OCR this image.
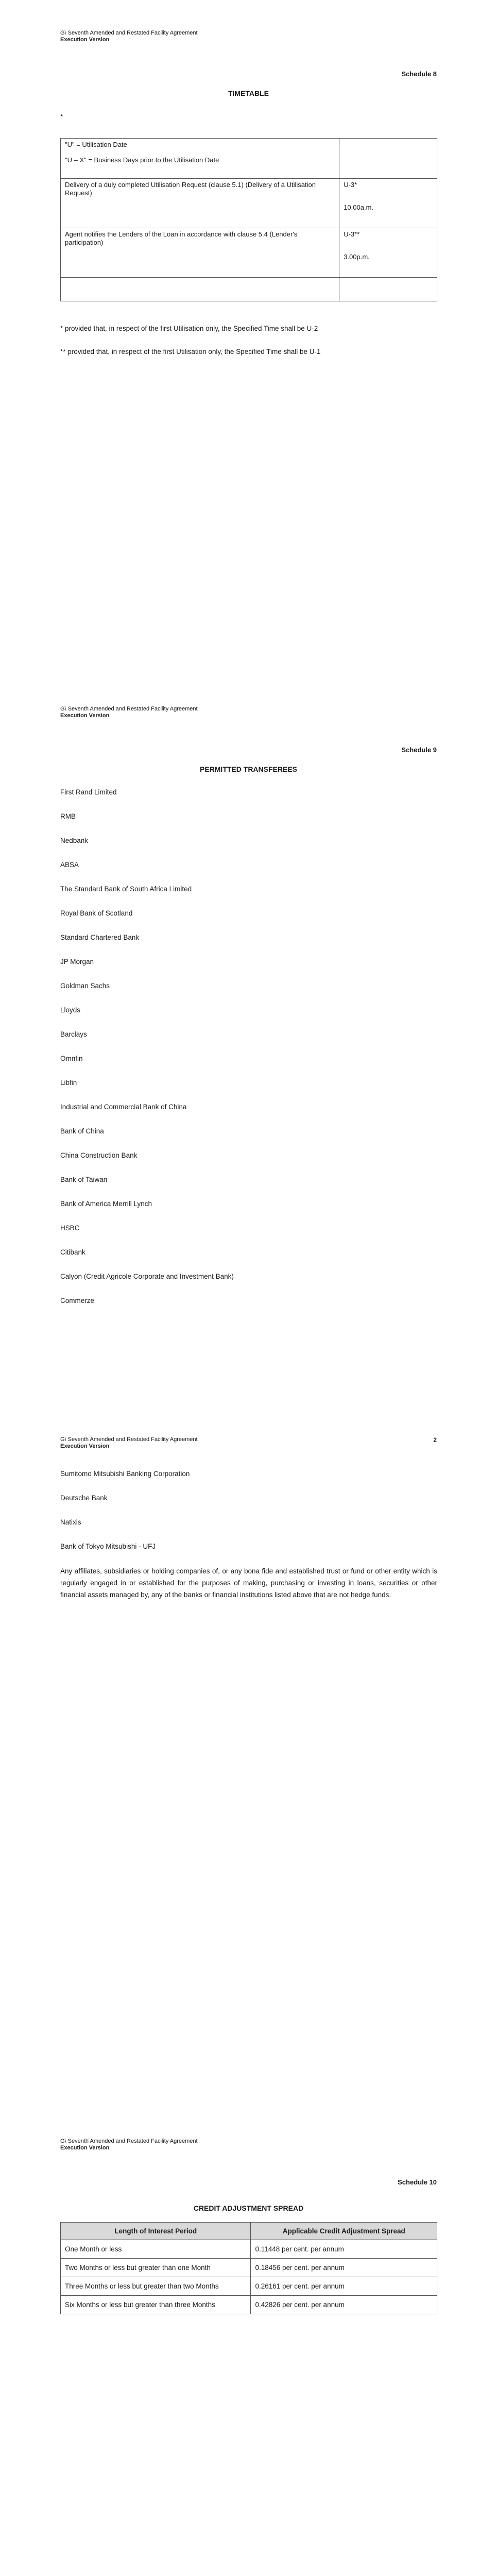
G\ Seventh Amended and Restated Facility Agreement
Execution Version
Schedule 8
TIMETABLE
*
"U" = Utilisation Date
"U – X" = Business Days prior to the Utilisation Date	

Delivery of a duly completed Utilisation Request (clause 5.1) (Delivery of a Utilisation Request)	U-3*
10.00a.m.

Agent notifies the Lenders of the Loan in accordance with clause 5.4 (Lender's participation)	U-3**
3.00p.m.

* provided that, in respect of the first Utilisation only, the Specified Time shall be U-2

** provided that, in respect of the first Utilisation only, the Specified Time shall be U-1

G\ Seventh Amended and Restated Facility Agreement
Execution Version
Schedule 9
PERMITTED TRANSFEREES

First Rand Limited

RMB

Nedbank

ABSA

The Standard Bank of South Africa Limited

Royal Bank of Scotland

Standard Chartered Bank

JP Morgan

Goldman Sachs

Lloyds

Barclays

Omnfin

Libfin

Industrial and Commercial Bank of China

Bank of China

China Construction Bank

Bank of Taiwan

Bank of America Merrill Lynch

HSBC

Citibank

Calyon (Credit Agricole Corporate and Investment Bank)

Commerze

G\ Seventh Amended and Restated Facility Agreement
Execution Version
2

Sumitomo Mitsubishi Banking Corporation

Deutsche Bank

Natixis

Bank of Tokyo Mitsubishi - UFJ

Any affiliates, subsidiaries or holding companies of, or any bona fide and established trust or fund or other entity which is regularly engaged in or established for the purposes of making, purchasing or investing in loans, securities or other financial assets managed by, any of the banks or financial institutions listed above that are not hedge funds.

G\ Seventh Amended and Restated Facility Agreement
Execution Version
Schedule 10
CREDIT ADJUSTMENT SPREAD
Length of Interest Period	Applicable Credit Adjustment Spread
One Month or less	0.11448 per cent. per annum
Two Months or less but greater than one Month	0.18456 per cent. per annum
Three Months or less but greater than two Months	0.26161 per cent. per annum
Six Months or less but greater than three Months	0.42826 per cent. per annum
